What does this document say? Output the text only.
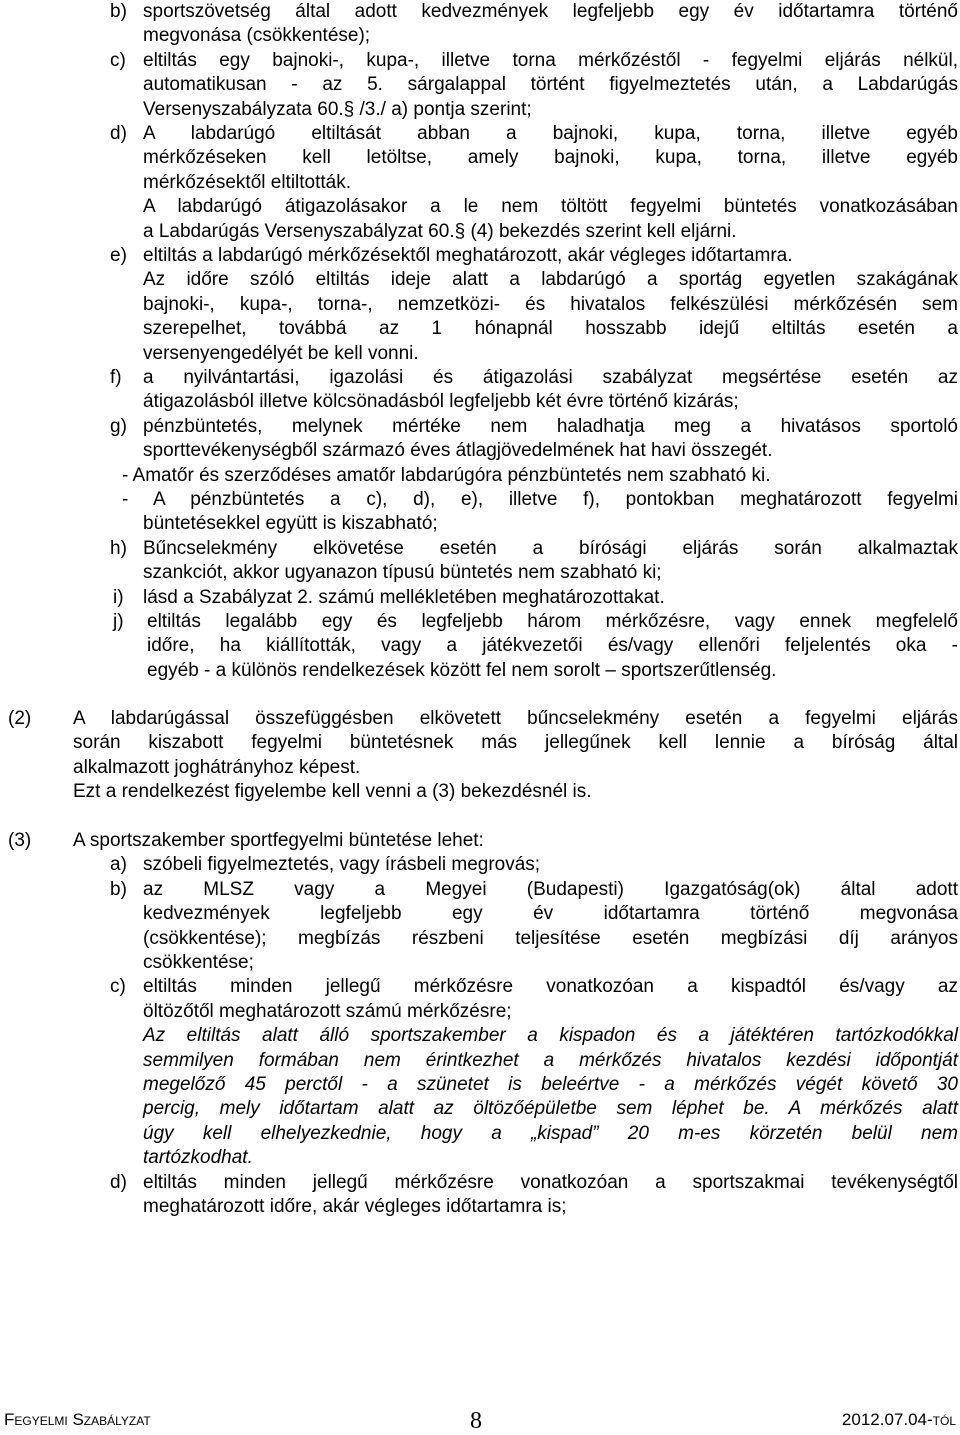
b) sportszövetség által adott kedvezmények legfeljebb egy év időtartamra történő
megvonása (csökkentése);
c) eltiltás egy bajnoki-, kupa-, illetve torna mérkőzéstől - fegyelmi eljárás nélkül,
automatikusan - az 5. sárgalappal történt figyelmeztetés után, a Labdarúgás
Versenyszabályzata 60.§ /3./ a) pontja szerint;
d) A labdarúgó eltiltását abban a bajnoki, kupa, torna, illetve egyéb
mérkőzéseken kell letöltse, amely bajnoki, kupa, torna, illetve egyéb
mérkőzésektől eltiltották.
A labdarúgó átigazolásakor a le nem töltött fegyelmi büntetés vonatkozásában
a Labdarúgás Versenyszabályzat 60.§ (4) bekezdés szerint kell eljárni.
e) eltiltás a labdarúgó mérkőzésektől meghatározott, akár végleges időtartamra.
Az időre szóló eltiltás ideje alatt a labdarúgó a sportág egyetlen szakágának
bajnoki-, kupa-, torna-, nemzetközi- és hivatalos felkészülési mérkőzésén sem
szerepelhet, továbbá az 1 hónapnál hosszabb idejű eltiltás esetén a
versenyengedélyét be kell vonni.
f) a nyilvántartási, igazolási és átigazolási szabályzat megsértése esetén az
átigazolásból illetve kölcsönadásból legfeljebb két évre történő kizárás;
g) pénzbüntetés, melynek mértéke nem haladhatja meg a hivatásos sportoló
sporttevékenységből származó éves átlagjövedelmének hat havi összegét.
- Amatőr és szerződéses amatőr labdarúgóra pénzbüntetés nem szabható ki.
- A pénzbüntetés a c), d), e), illetve f), pontokban meghatározott fegyelmi
büntetésekkel együtt is kiszabható;
h) Bűncselekmény elkövetése esetén a bírósági eljárás során alkalmaztak
szankciót, akkor ugyanazon típusú büntetés nem szabható ki;
i) lásd a Szabályzat 2. számú mellékletében meghatározottakat.
j) eltiltás legalább egy és legfeljebb három mérkőzésre, vagy ennek megfelelő
időre, ha kiállították, vagy a játékvezetői és/vagy ellenőri feljelentés oka -
egyéb - a különös rendelkezések között fel nem sorolt – sportszerűtlenség.
(2) A labdarúgással összefüggésben elkövetett bűncselekmény esetén a fegyelmi eljárás
során kiszabott fegyelmi büntetésnek más jellegűnek kell lennie a bíróság által
alkalmazott joghátrányhoz képest.
Ezt a rendelkezést figyelembe kell venni a (3) bekezdésnél is.
(3) A sportszakember sportfegyelmi büntetése lehet:
a) szóbeli figyelmeztetés, vagy írásbeli megrovás;
b) az MLSZ vagy a Megyei (Budapesti) Igazgatóság(ok) által adott
kedvezmények legfeljebb egy év időtartamra történő megvonása
(csökkentése); megbízás részbeni teljesítése esetén megbízási díj arányos
csökkentése;
c) eltiltás minden jellegű mérkőzésre vonatkozóan a kispadtól és/vagy az
öltözőtől meghatározott számú mérkőzésre;
Az eltiltás alatt álló sportszakember a kispadon és a játéktéren tartózkodókkal
semmilyen formában nem érintkezhet a mérkőzés hivatalos kezdési időpontját
megelőző 45 perctől - a szünetet is beleértve - a mérkőzés végét követő 30
percig, mely időtartam alatt az öltözőépületbe sem léphet be. A mérkőzés alatt
úgy kell elhelyezkednie, hogy a „kispad” 20 m-es körzetén belül nem
tartózkodhat.
d) eltiltás minden jellegű mérkőzésre vonatkozóan a sportszakmai tevékenységtől
meghatározott időre, akár végleges időtartamra is;
Fegyelmi Szabályzat	8	2012.07.04-tól
